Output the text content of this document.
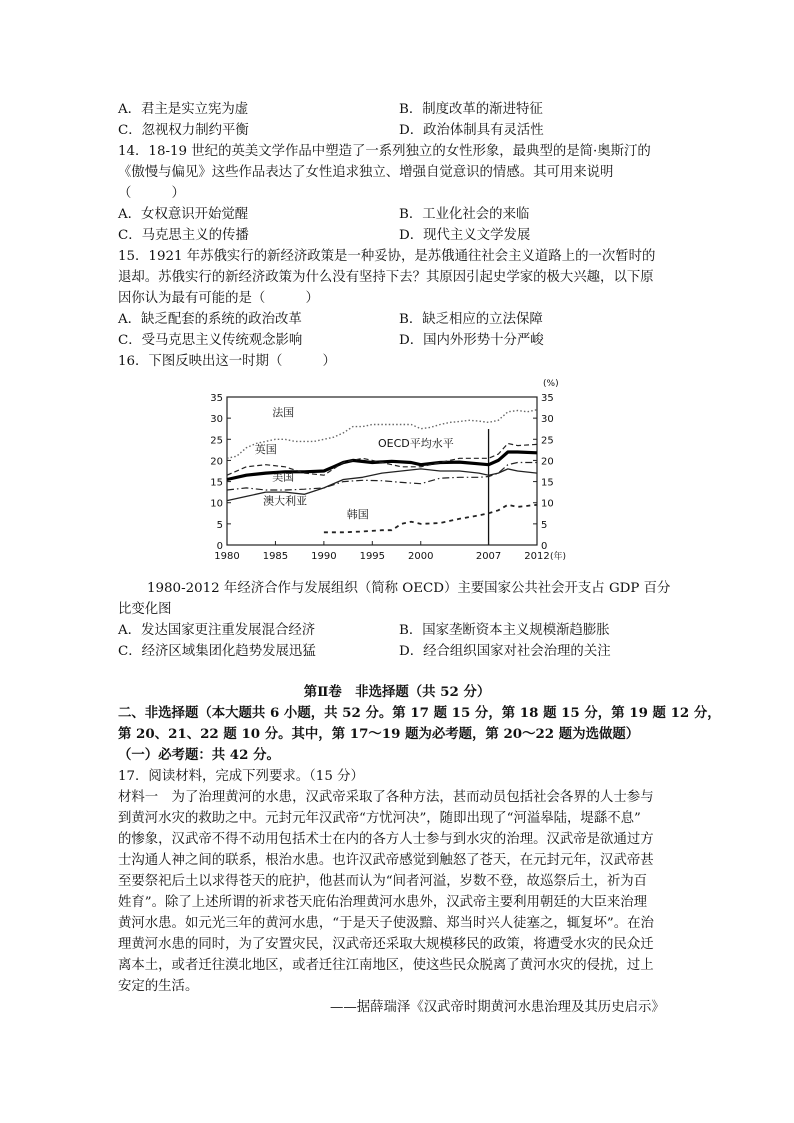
A．君主是实立宪为虚	B．制度改革的渐进特征
C．忽视权力制约平衡	D．政治体制具有灵活性
14．18-19 世纪的英美文学作品中塑造了一系列独立的女性形象，最典型的是简·奥斯汀的
《傲慢与偏见》这些作品表达了女性追求独立、增强自觉意识的情感。其可用来说明
（　　　）
A．女权意识开始觉醒	B．工业化社会的来临
C．马克思主义的传播	D．现代主义文学发展
15．1921 年苏俄实行的新经济政策是一种妥协，是苏俄通往社会主义道路上的一次暂时的
退却。苏俄实行的新经济政策为什么没有坚持下去？其原因引起史学家的极大兴趣，以下原
因你认为最有可能的是（　　　）
A．缺乏配套的系统的政治改革	B．缺乏相应的立法保障
C．受马克思主义传统观念影响	D．国内外形势十分严峻
16．下图反映出这一时期（　　　）
0	0
5	5
10	10
15	15
20	20
25	25
30	30
35	35
(%)
1980 1985 1990 1995 2000	2007 2012 (年)
法国
OECD平均水平
英国
美国
澳大利亚
韩国
1980-2012 年经济合作与发展组织（简称 OECD）主要国家公共社会开支占 GDP 百分
比变化图
A．发达国家更注重发展混合经济	B．国家垄断资本主义规模渐趋膨胀
C．经济区域集团化趋势发展迅猛	D．经合组织国家对社会治理的关注
第Ⅱ卷　非选择题（共 52 分）
二、非选择题（本大题共 6 小题，共 52 分。第 17 题 15 分，第 18 题 15 分，第 19 题 12 分，
第 20、21、22 题 10 分。其中，第 17～19 题为必考题，第 20～22 题为选做题）
（一）必考题：共 42 分。
17．阅读材料，完成下列要求。（15 分）
材料一　为了治理黄河的水患，汉武帝采取了各种方法，甚而动员包括社会各界的人士参与
到黄河水灾的救助之中。元封元年汉武帝“方忧河决”，随即出现了“河溢皋陆，堤繇不息”
的惨象，汉武帝不得不动用包括术士在内的各方人士参与到水灾的治理。汉武帝是欲通过方
士沟通人神之间的联系，根治水患。也许汉武帝感觉到触怒了苍天，在元封元年，汉武帝甚
至要祭祀后土以求得苍天的庇护，他甚而认为“间者河溢，岁数不登，故巡祭后土，祈为百
姓育”。除了上述所谓的祈求苍天庇佑治理黄河水患外，汉武帝主要利用朝廷的大臣来治理
黄河水患。如元光三年的黄河水患，“于是天子使汲黯、郑当时兴人徒塞之，辄复坏”。在治
理黄河水患的同时，为了安置灾民，汉武帝还采取大规模移民的政策，将遭受水灾的民众迁
离本土，或者迁往漠北地区，或者迁往江南地区，使这些民众脱离了黄河水灾的侵扰，过上
安定的生活。
——据薛瑞泽《汉武帝时期黄河水患治理及其历史启示》
